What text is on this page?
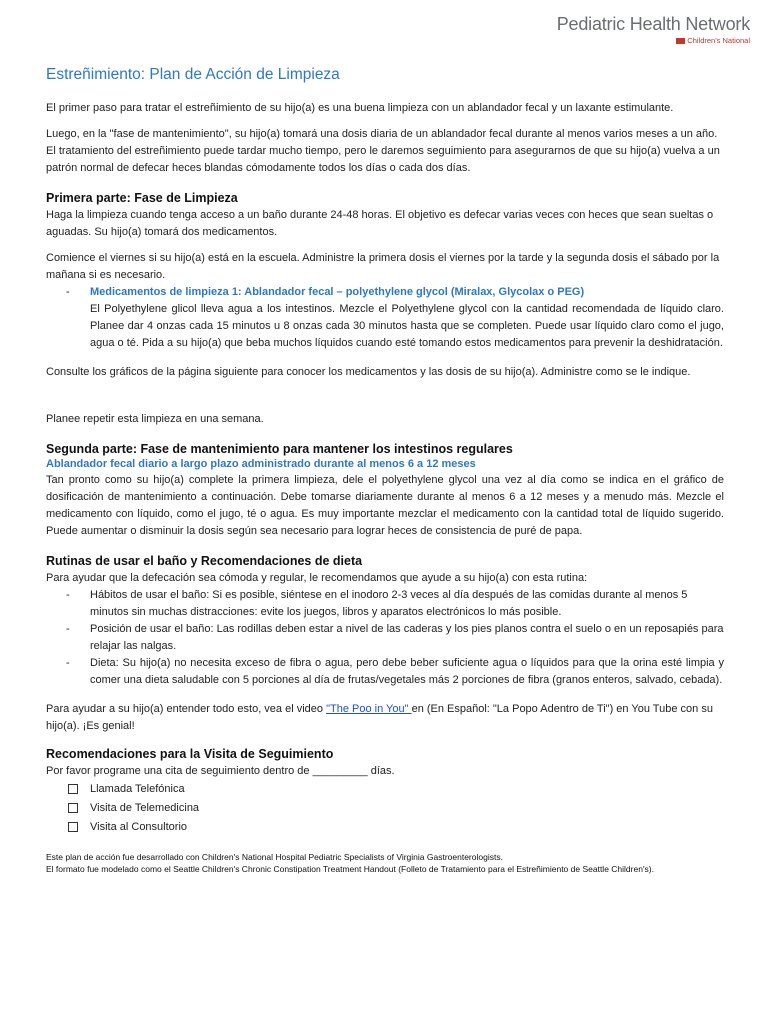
Pediatric Health Network
Children's National
Estreñimiento: Plan de Acción de Limpieza

El primer paso para tratar el estreñimiento de su hijo(a) es una buena limpieza con un ablandador fecal y un laxante estimulante.

Luego, en la "fase de mantenimiento", su hijo(a) tomará una dosis diaria de un ablandador fecal durante al menos varios meses a un año. El tratamiento del estreñimiento puede tardar mucho tiempo, pero le daremos seguimiento para asegurarnos de que su hijo(a) vuelva a un patrón normal de defecar heces blandas cómodamente todos los días o cada dos días.

Primera parte: Fase de Limpieza

Haga la limpieza cuando tenga acceso a un baño durante 24-48 horas. El objetivo es defecar varias veces con heces que sean sueltas o aguadas. Su hijo(a) tomará dos medicamentos.

Comience el viernes si su hijo(a) está en la escuela. Administre la primera dosis el viernes por la tarde y la segunda dosis el sábado por la mañana si es necesario.

- Medicamentos de limpieza 1: Ablandador fecal – polyethylene glycol (Miralax, Glycolax o PEG)
El Polyethylene glicol lleva agua a los intestinos. Mezcle el Polyethylene glycol con la cantidad recomendada de líquido claro. Planee dar 4 onzas cada 15 minutos u 8 onzas cada 30 minutos hasta que se completen. Puede usar líquido claro como el jugo, agua o té. Pida a su hijo(a) que beba muchos líquidos cuando esté tomando estos medicamentos para prevenir la deshidratación.

Consulte los gráficos de la página siguiente para conocer los medicamentos y las dosis de su hijo(a). Administre como se le indique.

Planee repetir esta limpieza en una semana.

Segunda parte: Fase de mantenimiento para mantener los intestinos regulares
Ablandador fecal diario a largo plazo administrado durante al menos 6 a 12 meses

Tan pronto como su hijo(a) complete la primera limpieza, dele el polyethylene glycol una vez al día como se indica en el gráfico de dosificación de mantenimiento a continuación. Debe tomarse diariamente durante al menos 6 a 12 meses y a menudo más. Mezcle el medicamento con líquido, como el jugo, té o agua. Es muy importante mezclar el medicamento con la cantidad total de líquido sugerido. Puede aumentar o disminuir la dosis según sea necesario para lograr heces de consistencia de puré de papa.

Rutinas de usar el baño y Recomendaciones de dieta

Para ayudar que la defecación sea cómoda y regular, le recomendamos que ayude a su hijo(a) con esta rutina:

- Hábitos de usar el baño: Si es posible, siéntese en el inodoro 2-3 veces al día después de las comidas durante al menos 5 minutos sin muchas distracciones: evite los juegos, libros y aparatos electrónicos lo más posible.
- Posición de usar el baño: Las rodillas deben estar a nivel de las caderas y los pies planos contra el suelo o en un reposapiés para relajar las nalgas.
- Dieta: Su hijo(a) no necesita exceso de fibra o agua, pero debe beber suficiente agua o líquidos para que la orina esté limpia y comer una dieta saludable con 5 porciones al día de frutas/vegetales más 2 porciones de fibra (granos enteros, salvado, cebada).

Para ayudar a su hijo(a) entender todo esto, vea el video "The Poo in You" en (En Español: "La Popo Adentro de Ti") en You Tube con su hijo(a). ¡Es genial!

Recomendaciones para la Visita de Seguimiento

Por favor programe una cita de seguimiento dentro de _________ días.

Llamada Telefónica
Visita de Telemedicina
Visita al Consultorio

Este plan de acción fue desarrollado con Children's National Hospital Pediatric Specialists of Virginia Gastroenterologists.

El formato fue modelado como el Seattle Children's Chronic Constipation Treatment Handout (Folleto de Tratamiento para el Estreñimiento de Seattle Children's).
